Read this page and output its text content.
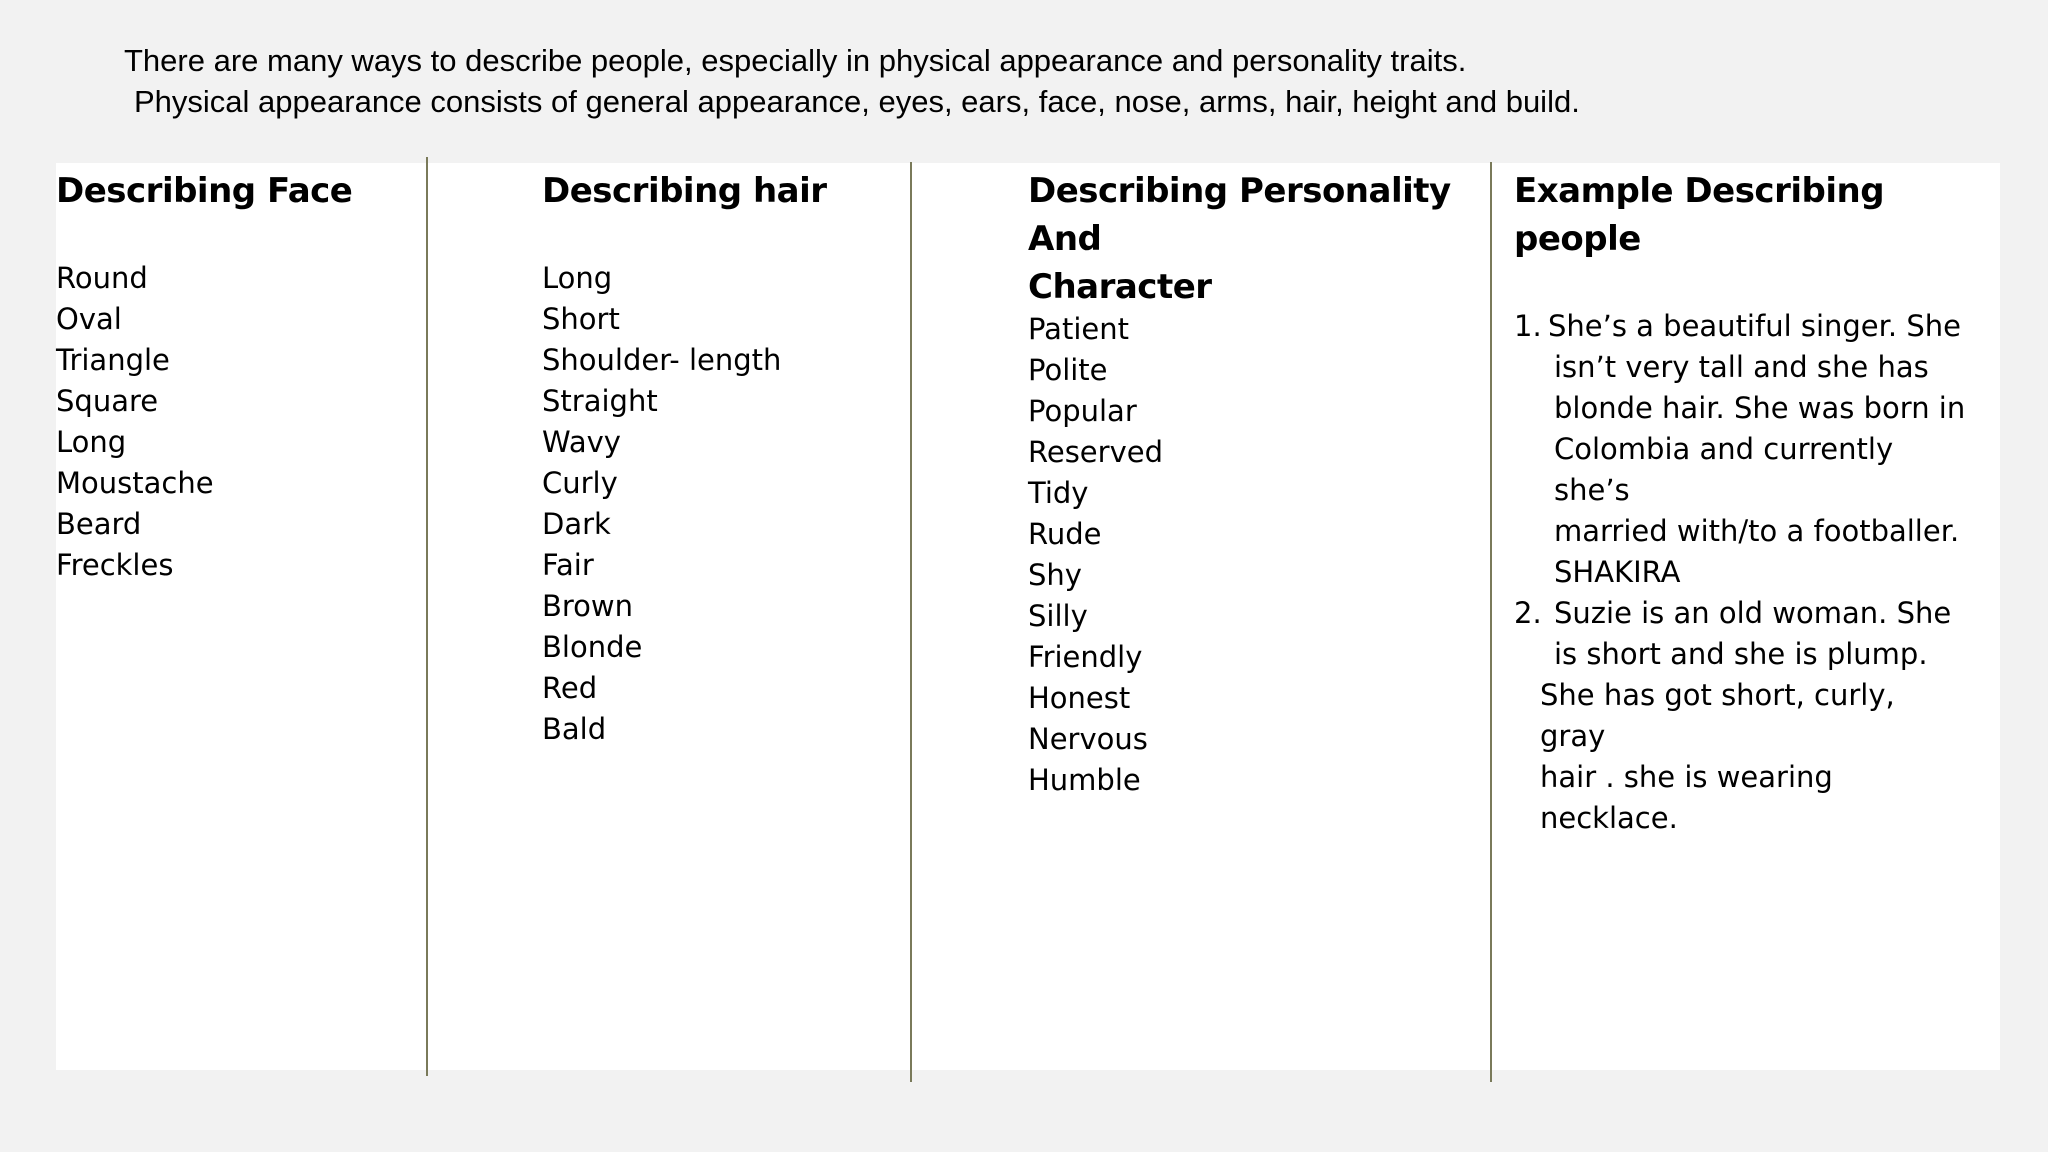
There are many ways to describe people, especially in physical appearance and personality traits.
Physical appearance consists of general appearance, eyes, ears, face, nose, arms, hair, height and build.
Describing Face
Round
Oval
Triangle
Square
Long
Moustache
Beard
Freckles
Describing hair
Long
Short
Shoulder- length
Straight
Wavy
Curly
Dark
Fair
Brown
Blonde
Red
Bald
Describing Personality And
Character
Patient
Polite
Popular
Reserved
Tidy
Rude
Shy
Silly
Friendly
Honest
Nervous
Humble
Example Describing people
1. She’s a beautiful singer. She
isn’t very tall and she has
blonde hair. She was born in
Colombia and currently she’s
married with/to a footballer.
SHAKIRA
2. Suzie is an old woman. She
is short and she is plump.
She has got short, curly, gray
hair . she is wearing necklace.
